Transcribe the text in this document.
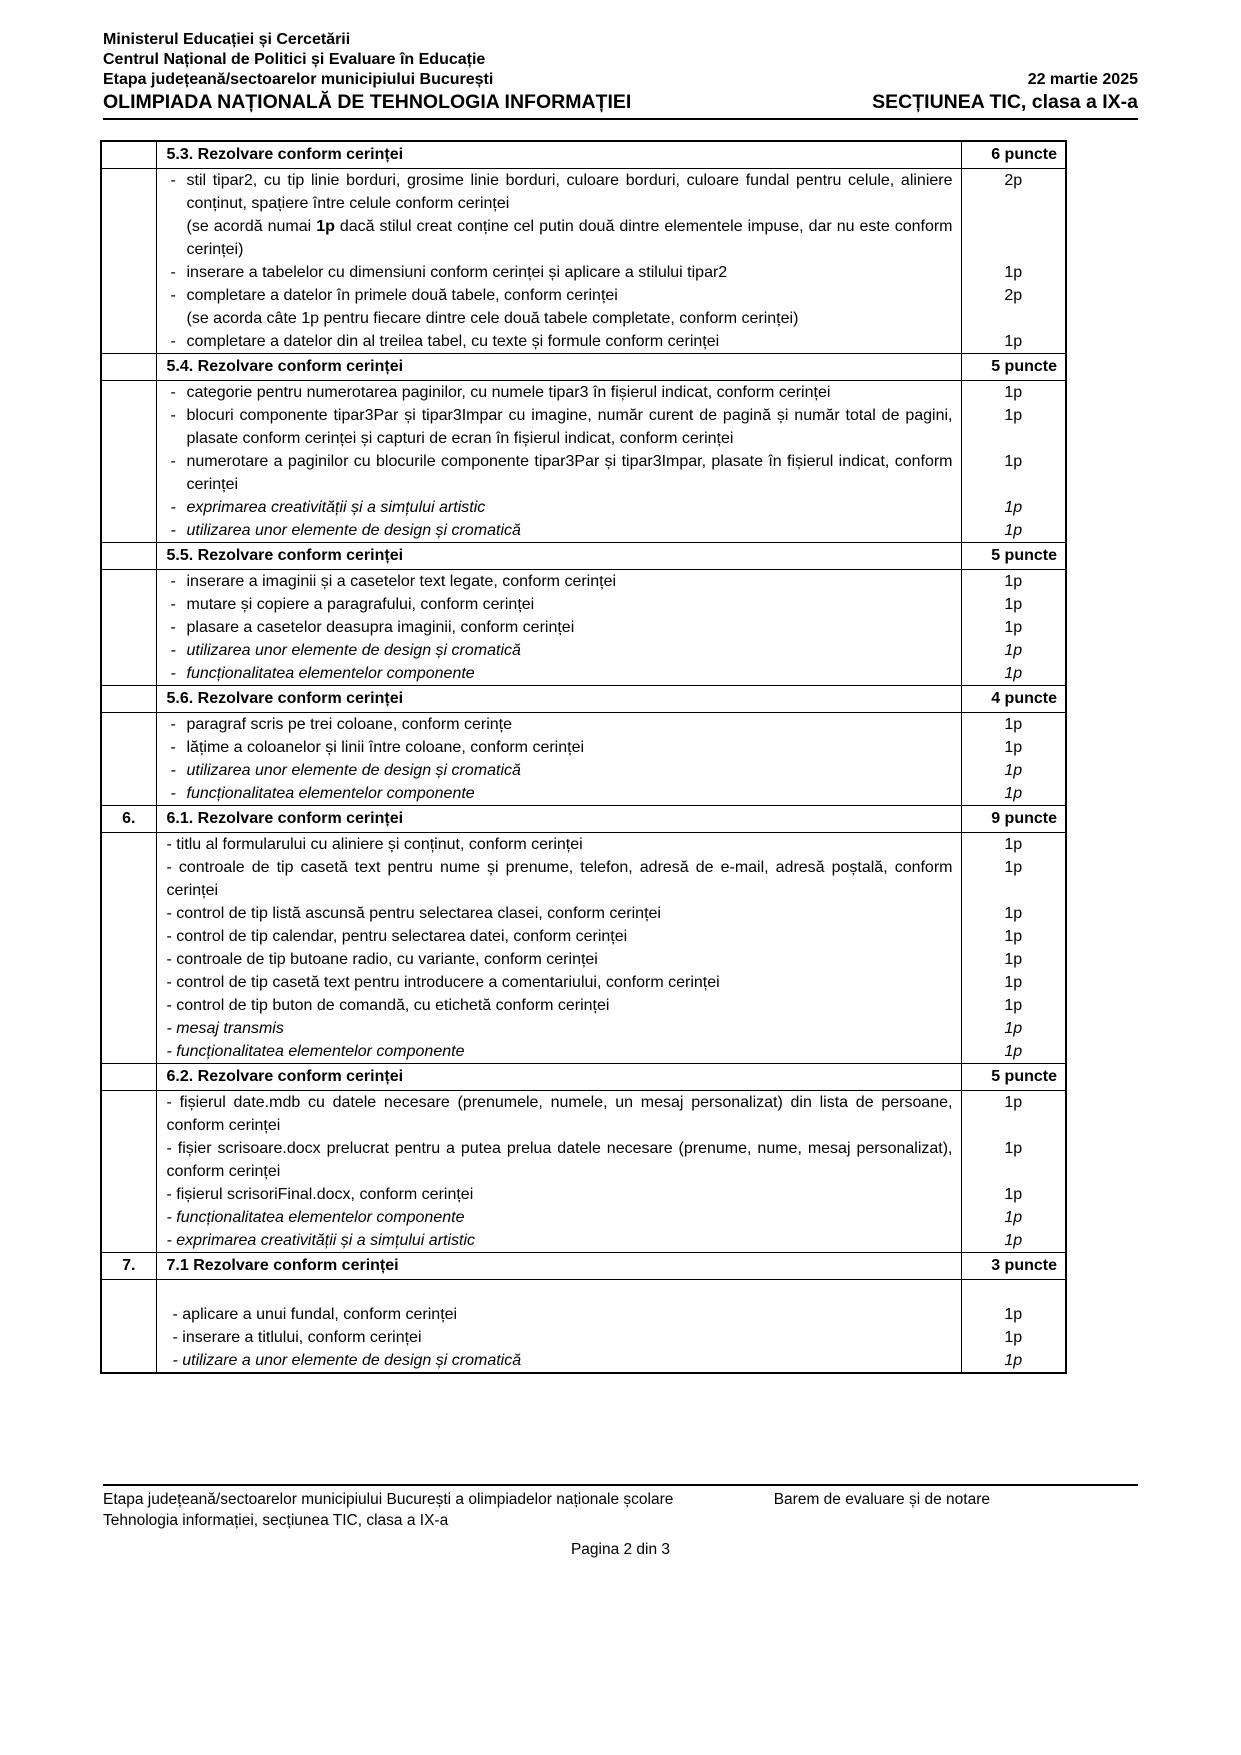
Ministerul Educației și Cercetării
Centrul Național de Politici și Evaluare în Educație
Etapa județeană/sectoarelor municipiului București	22 martie 2025
OLIMPIADA NAȚIONALĂ DE TEHNOLOGIA INFORMAȚIEI	SECȚIUNEA TIC, clasa a IX-a
	5.3. Rezolvare conform cerinței	6 puncte

	- stil tipar2, cu tip linie borduri, grosime linie borduri, culoare borduri, culoare fundal pentru celule, aliniere conținut, spațiere între celule conform cerinței
(se acordă numai 1p dacă stilul creat conține cel putin două dintre elementele impuse, dar nu este conform cerinței)	2p

	- inserare a tabelelor cu dimensiuni conform cerinței și aplicare a stilului tipar2	1p

	- completare a datelor în primele două tabele, conform cerinței
(se acorda câte 1p pentru fiecare dintre cele două tabele completate, conform cerinței)	2p

	- completare a datelor din al treilea tabel, cu texte și formule conform cerinței	1p
	5.4. Rezolvare conform cerinței	5 puncte

	- categorie pentru numerotarea paginilor, cu numele tipar3 în fișierul indicat, conform cerinței	1p

	- blocuri componente tipar3Par și tipar3Impar cu imagine, număr curent de pagină și număr total de pagini, plasate conform cerinței și capturi de ecran în fișierul indicat, conform cerinței	1p

	- numerotare a paginilor cu blocurile componente tipar3Par și tipar3Impar, plasate în fișierul indicat, conform cerinței	1p

	- exprimarea creativității și a simțului artistic	1p

	- utilizarea unor elemente de design și cromatică	1p
	5.5. Rezolvare conform cerinței	5 puncte

	- inserare a imaginii și a casetelor text legate, conform cerinței	1p

	- mutare și copiere a paragrafului, conform cerinței	1p

	- plasare a casetelor deasupra imaginii, conform cerinței	1p

	- utilizarea unor elemente de design și cromatică	1p

	- funcționalitatea elementelor componente	1p
	5.6. Rezolvare conform cerinței	4 puncte

	- paragraf scris pe trei coloane, conform cerințe	1p

	- lățime a coloanelor și linii între coloane, conform cerinței	1p

	- utilizarea unor elemente de design și cromatică	1p

	- funcționalitatea elementelor componente	1p
6.	6.1. Rezolvare conform cerinței	9 puncte

	- titlu al formularului cu aliniere și conținut, conform cerinței	1p

	- controale de tip casetă text pentru nume și prenume, telefon, adresă de e-mail, adresă poștală, conform cerinței	1p

	- control de tip listă ascunsă pentru selectarea clasei, conform cerinței	1p

	- control de tip calendar, pentru selectarea datei, conform cerinței	1p

	- controale de tip butoane radio, cu variante, conform cerinței	1p

	- control de tip casetă text pentru introducere a comentariului, conform cerinței	1p

	- control de tip buton de comandă, cu etichetă conform cerinței	1p

	- mesaj transmis	1p

	- funcționalitatea elementelor componente	1p
	6.2. Rezolvare conform cerinței	5 puncte

	- fișierul date.mdb cu datele necesare (prenumele, numele, un mesaj personalizat) din lista de persoane, conform cerinței	1p

	- fișier scrisoare.docx prelucrat pentru a putea prelua datele necesare (prenume, nume, mesaj personalizat), conform cerinței	1p

	- fișierul scrisoriFinal.docx, conform cerinței	1p

	- funcționalitatea elementelor componente	1p

	- exprimarea creativității și a simțului artistic	1p
7.	7.1 Rezolvare conform cerinței	3 puncte

	- aplicare a unui fundal, conform cerinței	1p

	- inserare a titlului, conform cerinței	1p

	- utilizare a unor elemente de design și cromatică	1p
Etapa județeană/sectoarelor municipiului București a olimpiadelor naționale școlare	Barem de evaluare și de notare
Tehnologia informației, secțiunea TIC, clasa a IX-a
Pagina 2 din 3
